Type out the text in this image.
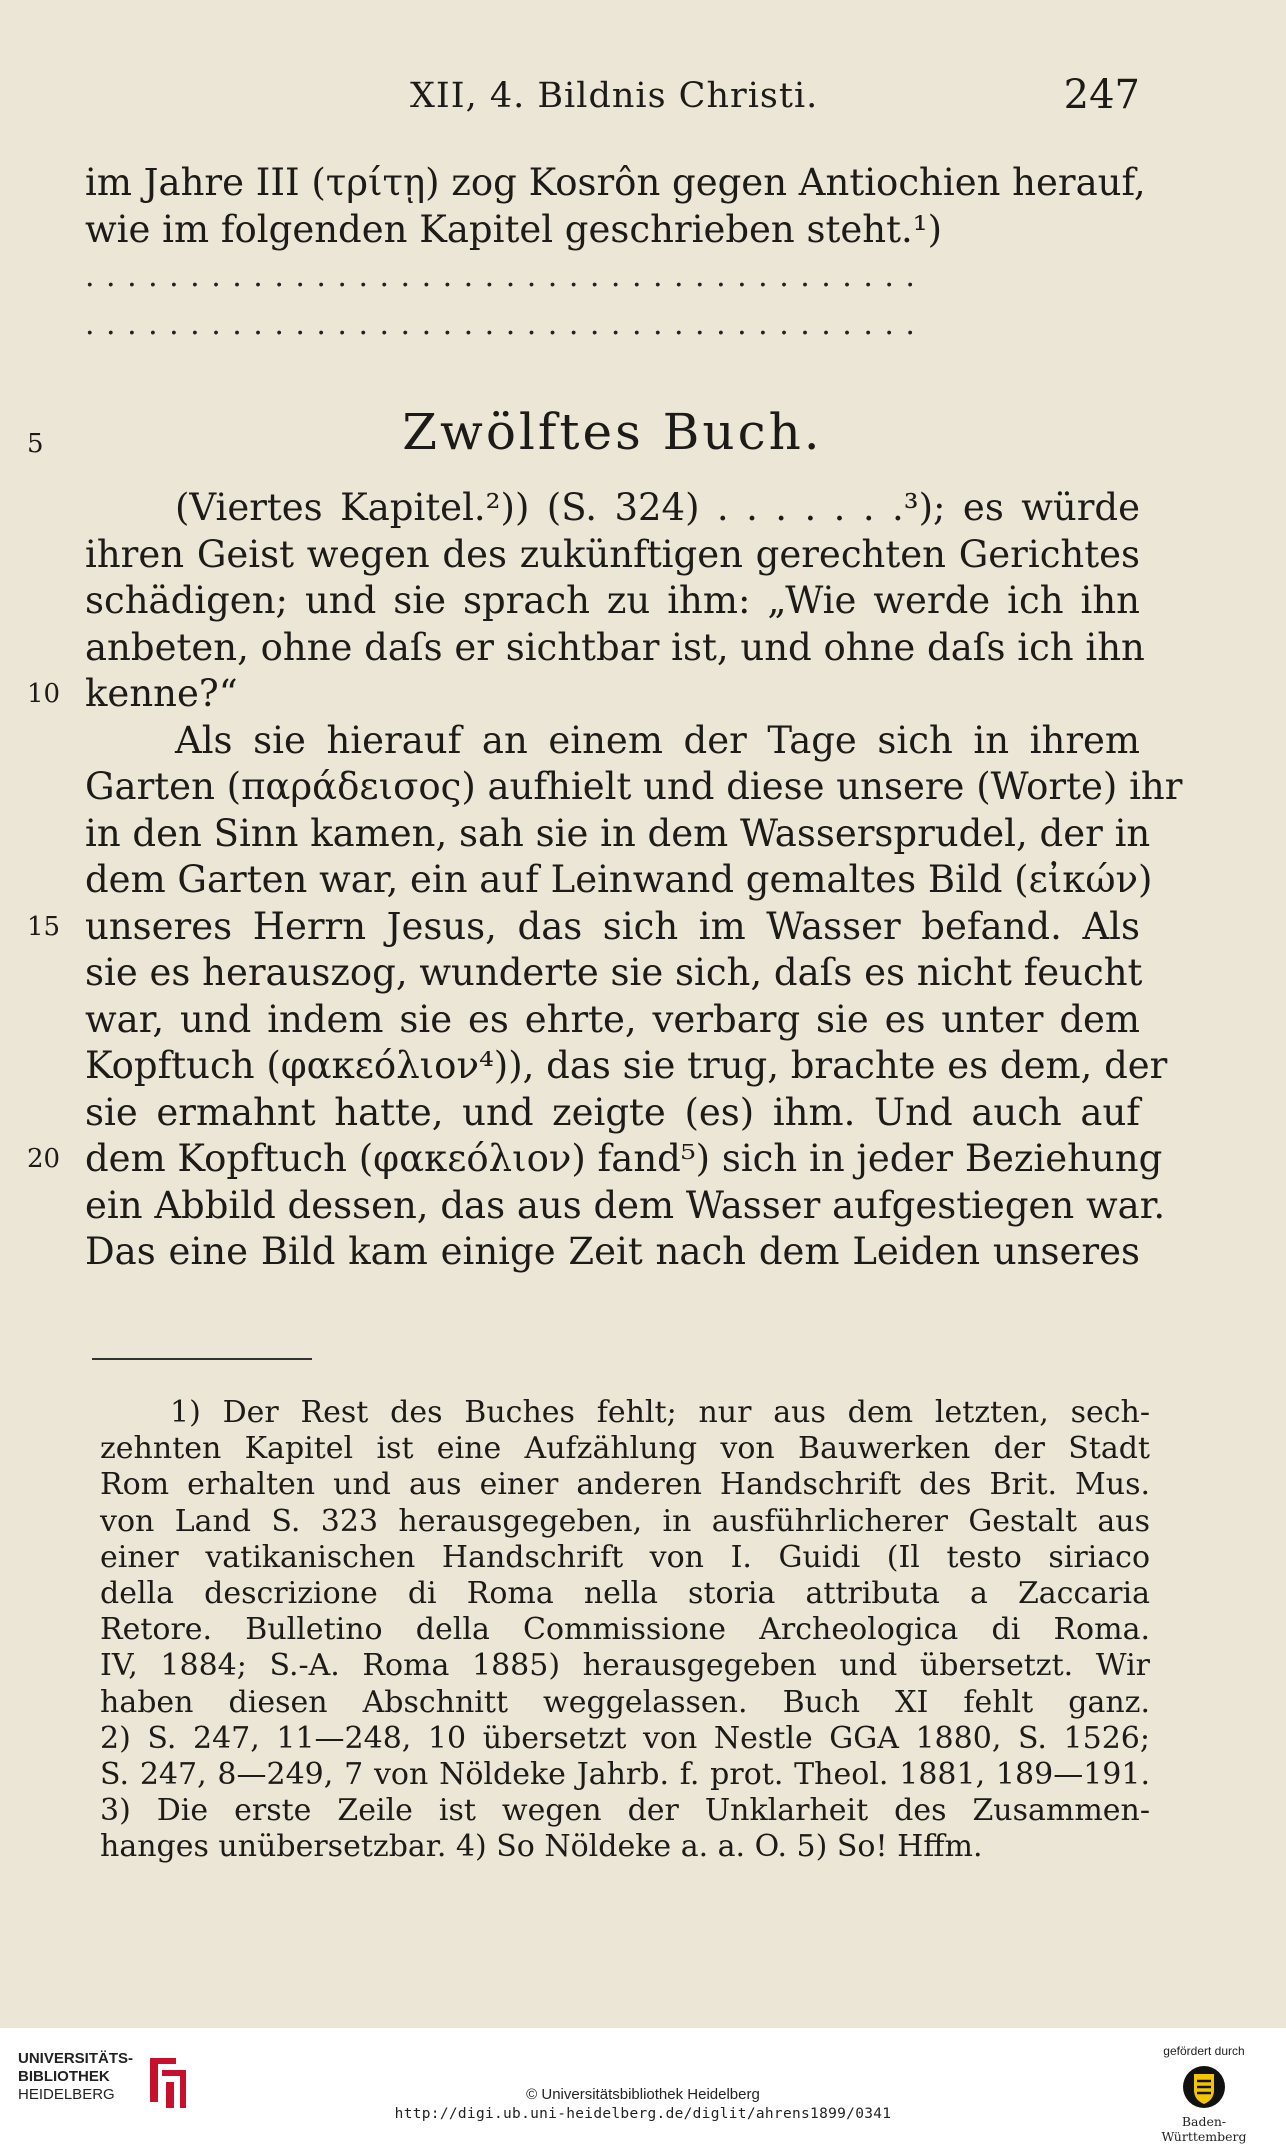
XII, 4. Bildnis Christi.	247
im Jahre III (τρίτῃ) zog Kosrôn gegen Antiochien herauf,
wie im folgenden Kapitel geschrieben steht.¹)
........................................
........................................
5	Zwölftes Buch.
(Viertes Kapitel.²)) (S. 324) . . . . . . .³); es würde
ihren Geist wegen des zukünftigen gerechten Gerichtes
schädigen; und sie sprach zu ihm: „Wie werde ich ihn
anbeten, ohne daſs er sichtbar ist, und ohne daſs ich ihn
10 kenne?“
Als sie hierauf an einem der Tage sich in ihrem
Garten (παράδεισος) aufhielt und diese unsere (Worte) ihr
in den Sinn kamen, sah sie in dem Wassersprudel, der in
dem Garten war, ein auf Leinwand gemaltes Bild (εἰκών)
15 unseres Herrn Jesus, das sich im Wasser befand. Als
sie es herauszog, wunderte sie sich, daſs es nicht feucht
war, und indem sie es ehrte, verbarg sie es unter dem
Kopftuch (φακεόλιον⁴)), das sie trug, brachte es dem, der
sie ermahnt hatte, und zeigte (es) ihm. Und auch auf
20 dem Kopftuch (φακεόλιον) fand⁵) sich in jeder Beziehung
ein Abbild dessen, das aus dem Wasser aufgestiegen war.
Das eine Bild kam einige Zeit nach dem Leiden unseres
1) Der Rest des Buches fehlt; nur aus dem letzten, sech-
zehnten Kapitel ist eine Aufzählung von Bauwerken der Stadt
Rom erhalten und aus einer anderen Handschrift des Brit. Mus.
von Land S. 323 herausgegeben, in ausführlicherer Gestalt aus
einer vatikanischen Handschrift von I. Guidi (Il testo siriaco
della descrizione di Roma nella storia attributa a Zaccaria
Retore. Bulletino della Commissione Archeologica di Roma.
IV, 1884; S.-A. Roma 1885) herausgegeben und übersetzt. Wir
haben diesen Abschnitt weggelassen. Buch XI fehlt ganz.
2) S. 247, 11—248, 10 übersetzt von Nestle GGA 1880, S. 1526;
S. 247, 8—249, 7 von Nöldeke Jahrb. f. prot. Theol. 1881, 189—191.
3) Die erste Zeile ist wegen der Unklarheit des Zusammen-
hanges unübersetzbar. 4) So Nöldeke a. a. O. 5) So! Hffm.
UNIVERSITÄTS-
BIBLIOTHEK
HEIDELBERG	© Universitätsbibliothek Heidelberg
http://digi.ub.uni-heidelberg.de/diglit/ahrens1899/0341
gefördert durch
Baden-Württemberg
